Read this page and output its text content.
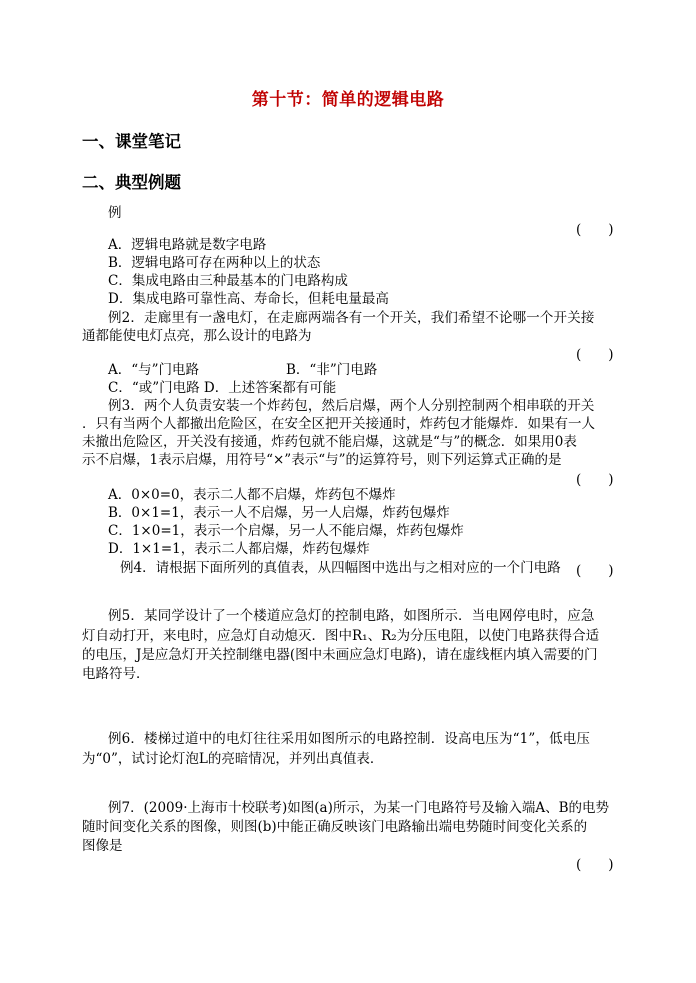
第十节：简单的逻辑电路
一、课堂笔记
二、典型例题
例
(　　)
A．逻辑电路就是数字电路
B．逻辑电路可存在两种以上的状态
C．集成电路由三种最基本的门电路构成
D．集成电路可靠性高、寿命长，但耗电量最高
例2．走廊里有一盏电灯，在走廊两端各有一个开关，我们希望不论哪一个开关接
通都能使电灯点亮，那么设计的电路为
(　　)
A．“与”门电路	B．“非”门电路
C．“或”门电路 D．上述答案都有可能
例3．两个人负责安装一个炸药包，然后启爆，两个人分别控制两个相串联的开关
．只有当两个人都撤出危险区，在安全区把开关接通时，炸药包才能爆炸．如果有一人
未撤出危险区，开关没有接通，炸药包就不能启爆，这就是“与”的概念．如果用0表
示不启爆，1表示启爆，用符号“×”表示“与”的运算符号，则下列运算式正确的是
(　　)
A．0×0=0，表示二人都不启爆，炸药包不爆炸
B．0×1=1，表示一人不启爆，另一人启爆，炸药包爆炸
C．1×0=1，表示一个启爆，另一人不能启爆，炸药包爆炸
D．1×1=1，表示二人都启爆，炸药包爆炸
例4．请根据下面所列的真值表，从四幅图中选出与之相对应的一个门电路 (　　)
例5．某同学设计了一个楼道应急灯的控制电路，如图所示．当电网停电时，应急
灯自动打开，来电时，应急灯自动熄灭．图中R₁、R₂为分压电阻，以使门电路获得合适
的电压，J是应急灯开关控制继电器(图中未画应急灯电路)，请在虚线框内填入需要的门
电路符号．
例6．楼梯过道中的电灯往往采用如图所示的电路控制．设高电压为“1”，低电压
为“0”，试讨论灯泡L的亮暗情况，并列出真值表．
例7．(2009·上海市十校联考)如图(a)所示，为某一门电路符号及输入端A、B的电势
随时间变化关系的图像，则图(b)中能正确反映该门电路输出端电势随时间变化关系的
图像是
(　　)
